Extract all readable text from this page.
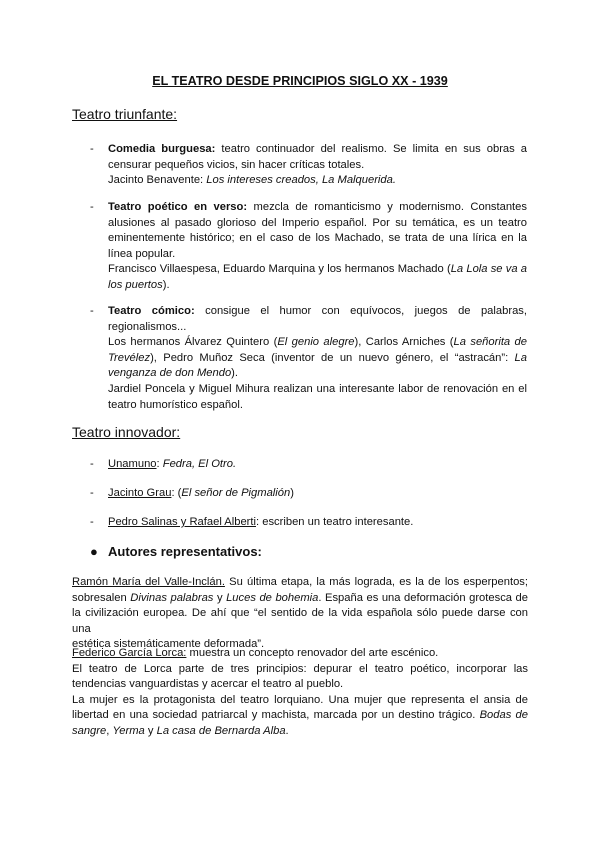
EL TEATRO DESDE PRINCIPIOS SIGLO XX - 1939
Teatro triunfante:
- Comedia burguesa: teatro continuador del realismo. Se limita en sus obras a censurar pequeños vicios, sin hacer críticas totales.

Jacinto Benavente: Los intereses creados, La Malquerida.

- Teatro poético en verso: mezcla de romanticismo y modernismo. Constantes alusiones al pasado glorioso del Imperio español. Por su temática, es un teatro eminentemente histórico; en el caso de los Machado, se trata de una lírica en la línea popular.

Francisco Villaespesa, Eduardo Marquina y los hermanos Machado (La Lola se va a los puertos).

- Teatro cómico: consigue el humor con equívocos, juegos de palabras, regionalismos...

Los hermanos Álvarez Quintero (El genio alegre), Carlos Arniches (La señorita de Trevélez), Pedro Muñoz Seca (inventor de un nuevo género, el “astracán”: La venganza de don Mendo).

Jardiel Poncela y Miguel Mihura realizan una interesante labor de renovación en el teatro humorístico español.

Teatro innovador:
- Unamuno: Fedra, El Otro.
- Jacinto Grau: (El señor de Pigmalión)
- Pedro Salinas y Rafael Alberti: escriben un teatro interesante.
● Autores representativos:
Ramón María del Valle-Inclán. Su última etapa, la más lograda, es la de los esperpentos;
sobresalen Divinas palabras y Luces de bohemia. España es una deformación grotesca de
la civilización europea. De ahí que “el sentido de la vida española sólo puede darse con una
estética sistemáticamente deformada”.
Federico García Lorca: muestra un concepto renovador del arte escénico.
El teatro de Lorca parte de tres principios: depurar el teatro poético, incorporar las
tendencias vanguardistas y acercar el teatro al pueblo.
La mujer es la protagonista del teatro lorquiano. Una mujer que representa el ansia de
libertad en una sociedad patriarcal y machista, marcada por un destino trágico. Bodas de
sangre, Yerma y La casa de Bernarda Alba.
